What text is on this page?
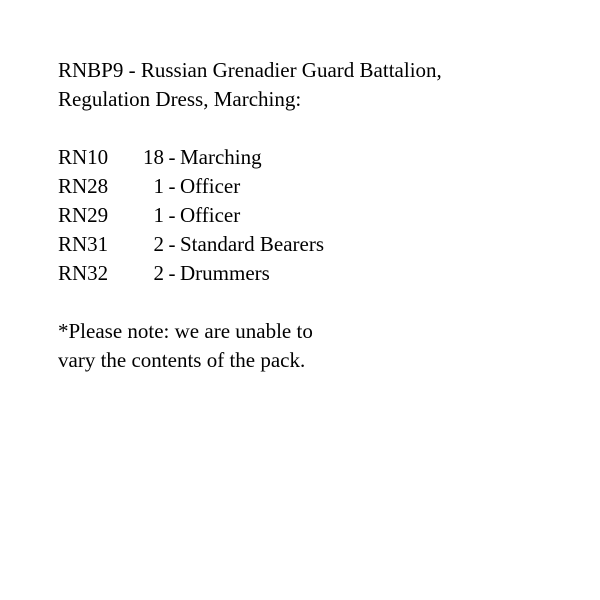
RNBP9 - Russian Grenadier Guard Battalion,
Regulation Dress, Marching:
RN10	18 - Marching
RN28	1 - Officer
RN29	1 - Officer
RN31	2 - Standard Bearers
RN32	2 - Drummers
*Please note: we are unable to
vary the contents of the pack.
